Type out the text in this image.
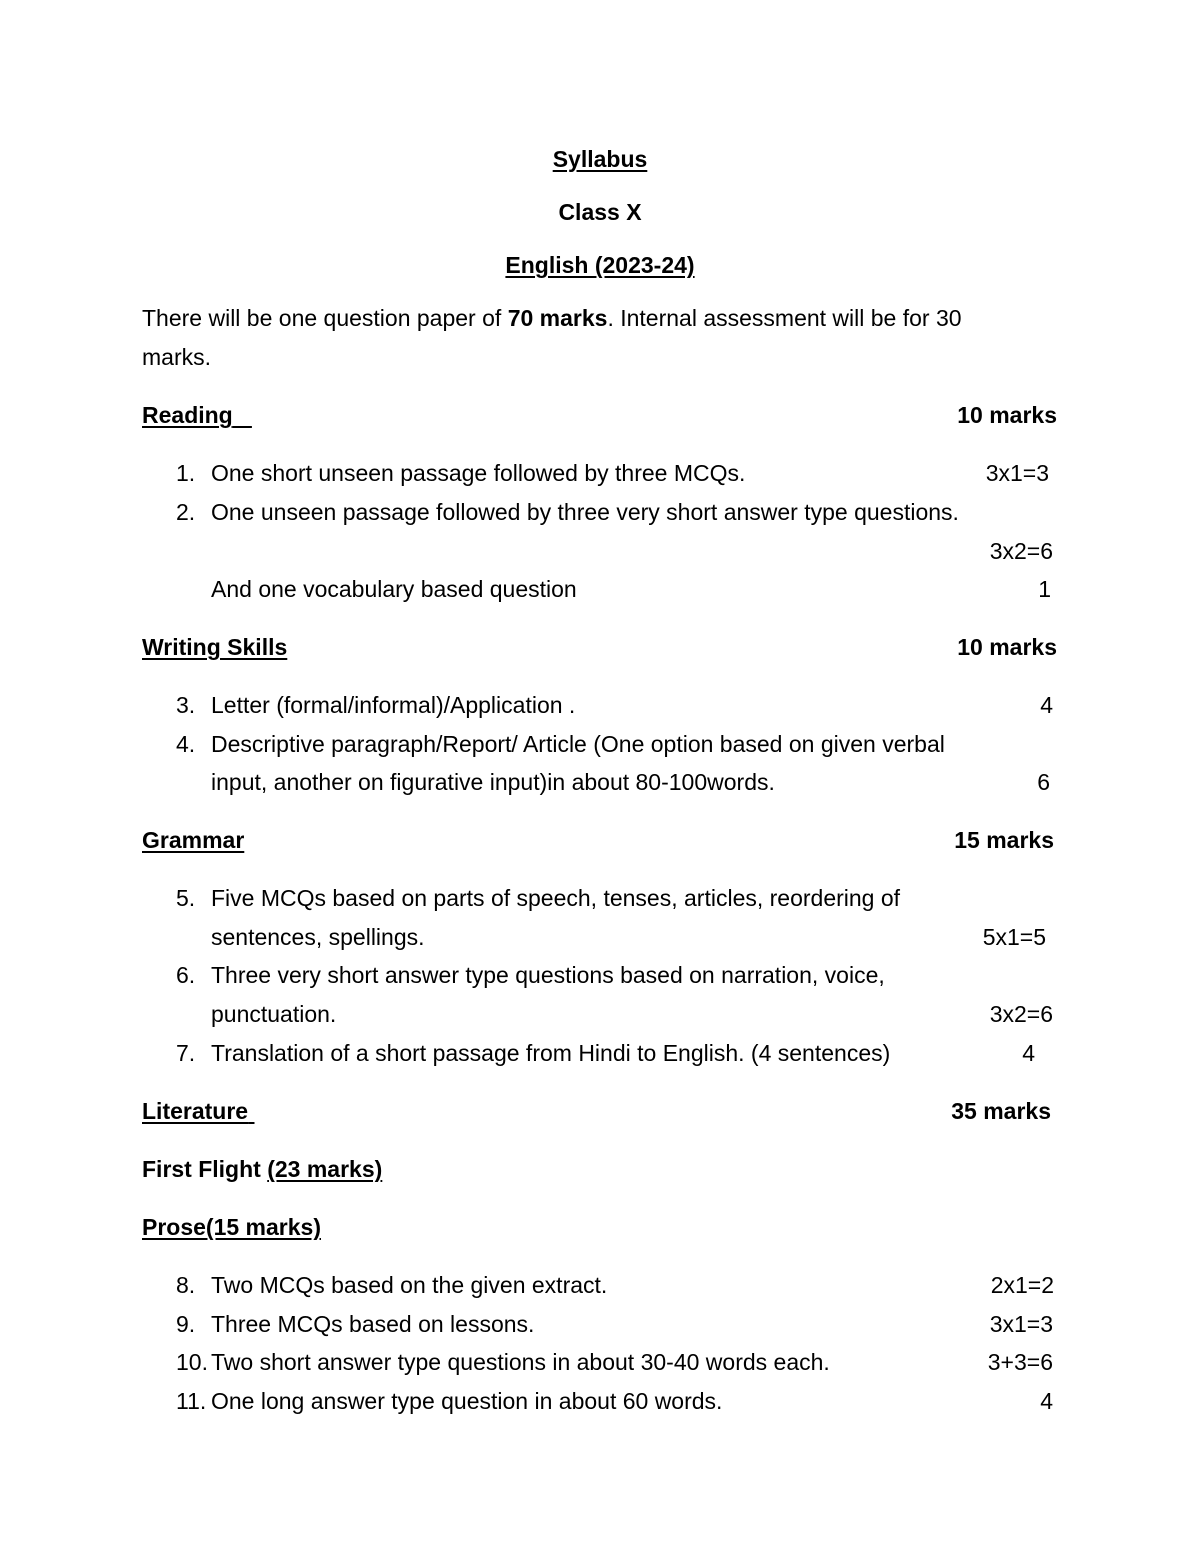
Syllabus
Class X
English (2023-24)
There will be one question paper of 70 marks. Internal assessment will be for 30
marks.
Reading	10 marks
1. One short unseen passage followed by three MCQs.	3x1=3
2. One unseen passage followed by three very short answer type questions.
3x2=6
And one vocabulary based question	1
Writing Skills	10 marks
3. Letter (formal/informal)/Application .	4
4. Descriptive paragraph/Report/ Article (One option based on given verbal
input, another on figurative input)in about 80-100words.	6
Grammar	15 marks
5. Five MCQs based on parts of speech, tenses, articles, reordering of
sentences, spellings.	5x1=5
6. Three very short answer type questions based on narration, voice,
punctuation.	3x2=6
7. Translation of a short passage from Hindi to English. (4 sentences)	4
Literature	35 marks
First Flight (23 marks)
Prose(15 marks)
8. Two MCQs based on the given extract.	2x1=2
9. Three MCQs based on lessons.	3x1=3
10. Two short answer type questions in about 30-40 words each.	3+3=6
11. One long answer type question in about 60 words.	4
